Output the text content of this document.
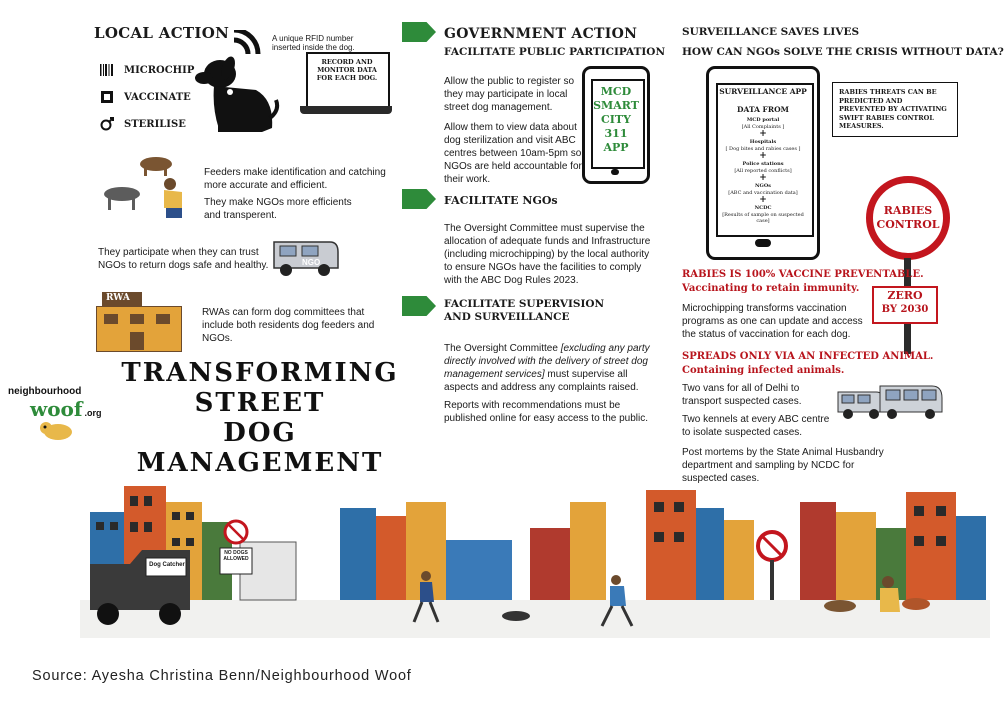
LOCAL ACTION	A unique RFID number inserted inside the dog.
RECORD AND MONITOR DATA FOR EACH DOG.
MICROCHIP
VACCINATE
STERILISE
Feeders make identification and catching more accurate and efficient.
They make NGOs more efficients and transperent.
They participate when they can trust NGOs to return dogs safe and healthy.	NGO
RWA
RWAs can form dog committees that include both residents dog feeders and NGOs.
TRANSFORMING
STREET
DOG MANAGEMENT
neighbourhood
woof .org
GOVERNMENT ACTION
FACILITATE PUBLIC PARTICIPATION
Allow the public to register so they may participate in local street dog management.
Allow them to view data about dog sterilization and visit ABC centres between 10am-5pm so NGOs are held accountable for their work.
MCD
SMART
CITY
311
APP
FACILITATE NGOs
The Oversight Committee must supervise the allocation of adequate funds and Infrastructure (including microchipping) by the local authority to ensure NGOs have the facilities to comply with the ABC Dog Rules 2023.
FACILITATE SUPERVISION AND SURVEILLANCE
The Oversight Committee [excluding any party directly involved with the delivery of street dog management services] must supervise all aspects and address any complaints raised.
Reports with recommendations must be published online for easy access to the public.
SURVEILLANCE SAVES LIVES
HOW CAN NGOs SOLVE THE CRISIS WITHOUT DATA?
SURVEILLANCE APP
DATA FROM
MCD portal
[All Complaints ]
+
Hospitals
[ Dog bites and rabies cases ]
+
Police stations
[All reported conflicts]
+
NGOs
[ABC and vaccination data]
+
NCDC
[Results of sample on suspected case]
RABIES THREATS CAN BE PREDICTED AND PREVENTED BY ACTIVATING SWIFT RABIES CONTROL MEASURES.
RABIES
CONTROL
ZERO
BY 2030
RABIES IS 100% VACCINE PREVENTABLE.
Vaccinating to retain immunity.
Microchipping transforms vaccination programs as one can update and access the status of vaccination for each dog.
SPREADS ONLY VIA AN INFECTED ANIMAL.
Containing infected animals.
Two vans for all of Delhi to transport suspected cases.
Two kennels at every ABC centre to isolate suspected cases.
Post mortems by the State Animal Husbandry department and sampling by NCDC for suspected cases.
NO DOGS ALLOWED
Dog Catcher
Source: Ayesha Christina Benn/Neighbourhood Woof
